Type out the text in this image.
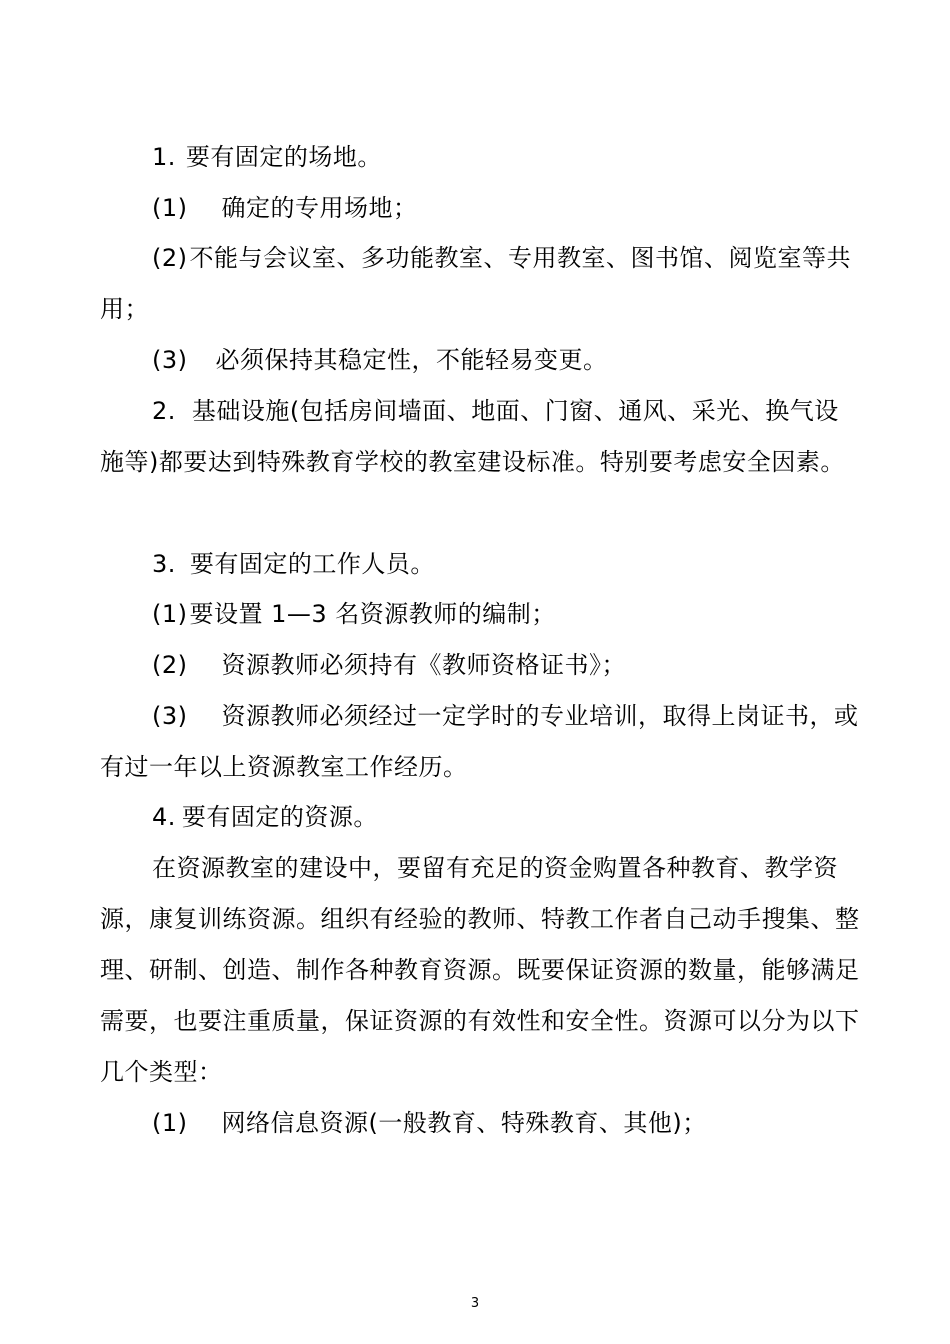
1. 要有固定的场地。

(1) 确定的专用场地；

(2)不能与会议室、多功能教室、专用教室、图书馆、阅览室等共用；

(3) 必须保持其稳定性，不能轻易变更。

2. 基础设施(包括房间墙面、地面、门窗、通风、采光、换气设施等)都要达到特殊教育学校的教室建设标准。特别要考虑安全因素。

3. 要有固定的工作人员。

(1)要设置 1—3 名资源教师的编制；

(2) 资源教师必须持有《教师资格证书》；

(3) 资源教师必须经过一定学时的专业培训，取得上岗证书，或有过一年以上资源教室工作经历。

4. 要有固定的资源。

在资源教室的建设中，要留有充足的资金购置各种教育、教学资源，康复训练资源。组织有经验的教师、特教工作者自己动手搜集、整理、研制、创造、制作各种教育资源。既要保证资源的数量，能够满足需要，也要注重质量，保证资源的有效性和安全性。资源可以分为以下几个类型：

(1) 网络信息资源(一般教育、特殊教育、其他)；

3
